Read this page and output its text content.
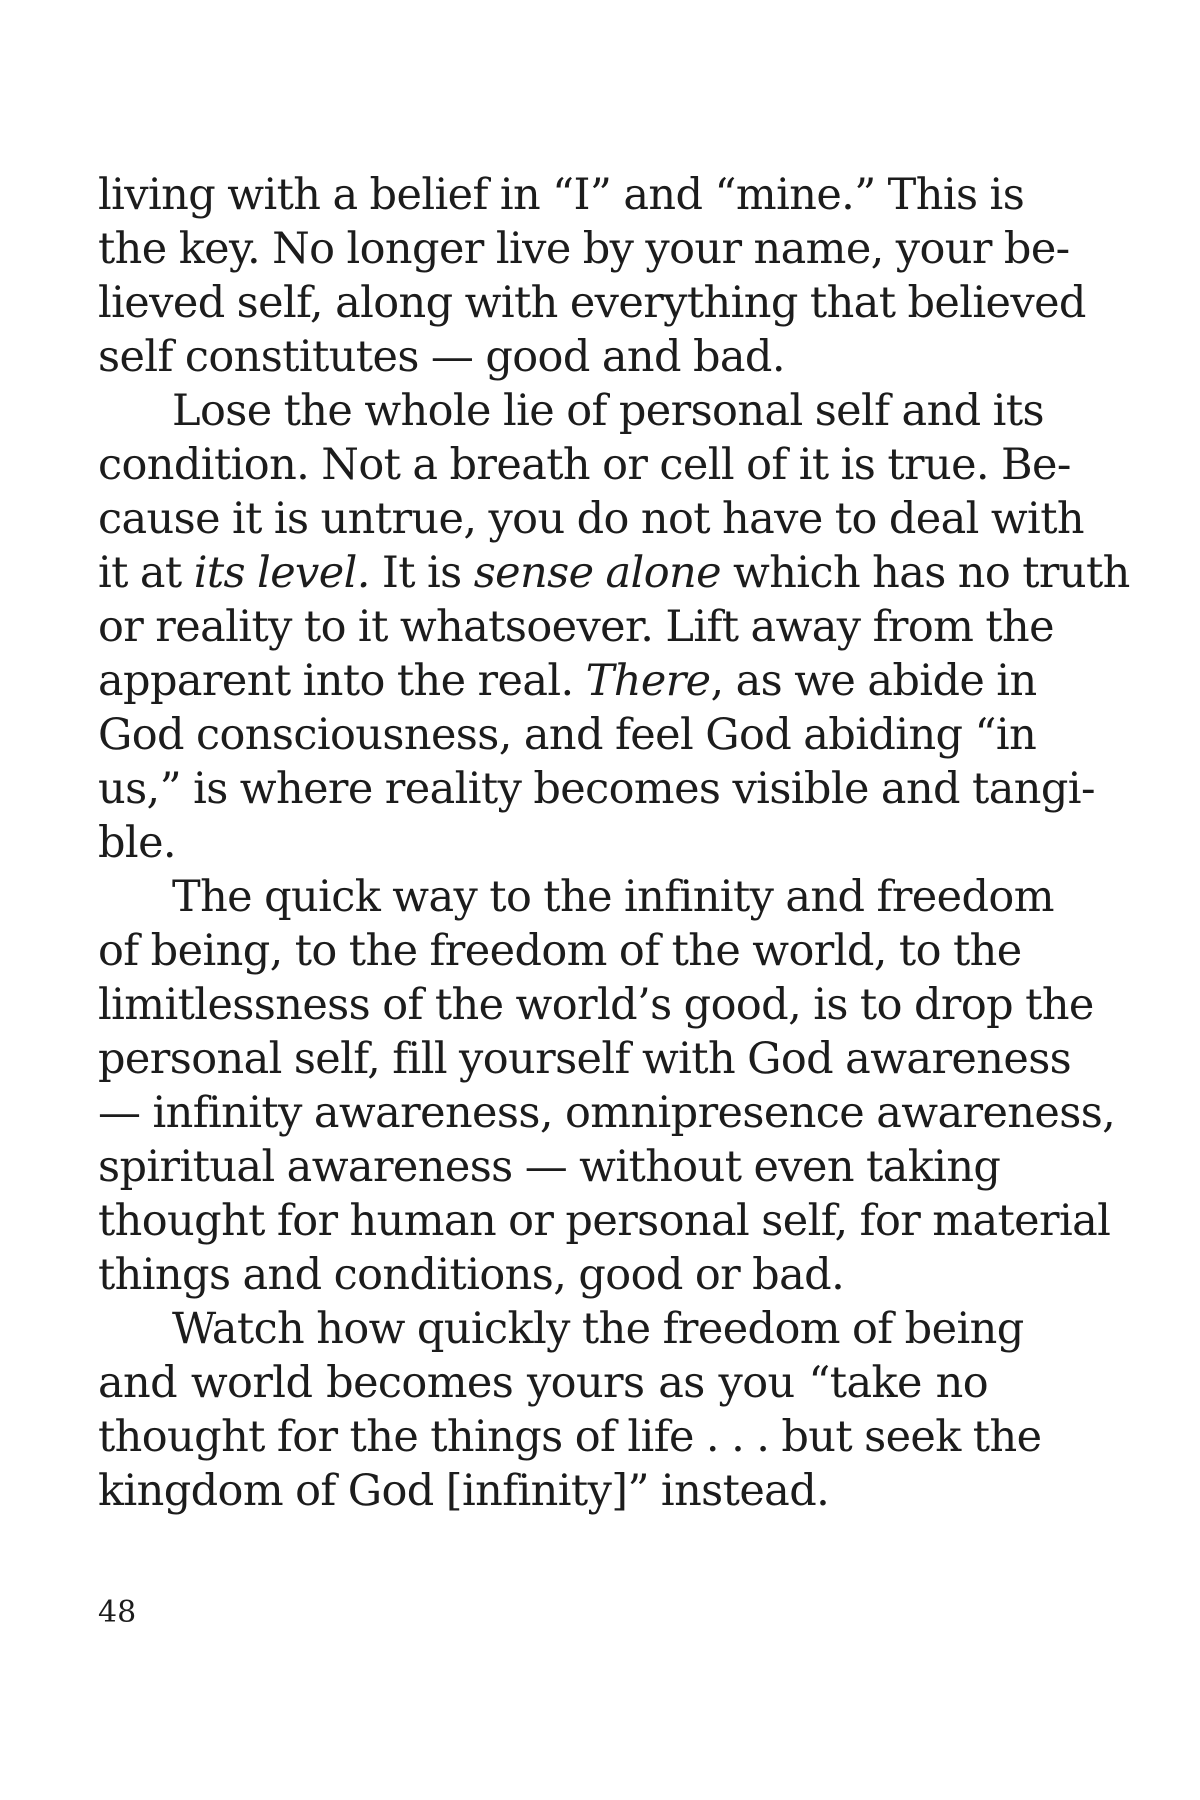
living with a belief in “I” and “mine.” This is
the key. No longer live by your name, your be-
lieved self, along with everything that believed
self constitutes — good and bad.
Lose the whole lie of personal self and its
condition. Not a breath or cell of it is true. Be-
cause it is untrue, you do not have to deal with
it at its level. It is sense alone which has no truth
or reality to it whatsoever. Lift away from the
apparent into the real. There, as we abide in
God consciousness, and feel God abiding “in
us,” is where reality becomes visible and tangi-
ble.
The quick way to the infinity and freedom
of being, to the freedom of the world, to the
limitlessness of the world’s good, is to drop the
personal self, fill yourself with God awareness
— infinity awareness, omnipresence awareness,
spiritual awareness — without even taking
thought for human or personal self, for material
things and conditions, good or bad.
Watch how quickly the freedom of being
and world becomes yours as you “take no
thought for the things of life . . . but seek the
kingdom of God [infinity]” instead.
48
